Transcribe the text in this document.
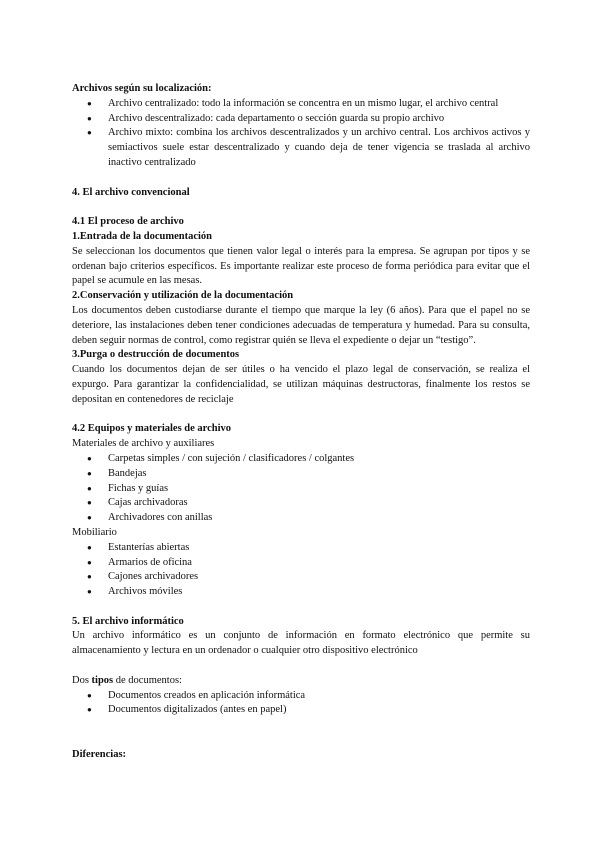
Archivos según su localización:

● Archivo centralizado: todo la información se concentra en un mismo lugar, el archivo central
● Archivo descentralizado: cada departamento o sección guarda su propio archivo
● Archivo mixto: combina los archivos descentralizados y un archivo central. Los archivos activos y semiactivos suele estar descentralizado y cuando deja de tener vigencia se traslada al archivo inactivo centralizado

4. El archivo convencional

4.1 El proceso de archivo

1.Entrada de la documentación

Se seleccionan los documentos que tienen valor legal o interés para la empresa. Se agrupan por tipos y se ordenan bajo criterios específicos. Es importante realizar este proceso de forma periódica para evitar que el papel se acumule en las mesas.

2.Conservación y utilización de la documentación

Los documentos deben custodiarse durante el tiempo que marque la ley (6 años). Para que el papel no se deteriore, las instalaciones deben tener condiciones adecuadas de temperatura y humedad. Para su consulta, deben seguir normas de control, como registrar quién se lleva el expediente o dejar un “testigo”.

3.Purga o destrucción de documentos

Cuando los documentos dejan de ser útiles o ha vencido el plazo legal de conservación, se realiza el expurgo. Para garantizar la confidencialidad, se utilizan máquinas destructoras, finalmente los restos se depositan en contenedores de reciclaje

4.2 Equipos y materiales de archivo

Materiales de archivo y auxiliares

● Carpetas simples / con sujeción / clasificadores / colgantes
● Bandejas
● Fichas y guías
● Cajas archivadoras
● Archivadores con anillas

Mobiliario

● Estanterías abiertas
● Armarios de oficina
● Cajones archivadores
● Archivos móviles

5. El archivo informático

Un archivo informático es un conjunto de información en formato electrónico que permite su almacenamiento y lectura en un ordenador o cualquier otro dispositivo electrónico

Dos tipos de documentos:

● Documentos creados en aplicación informática
● Documentos digitalizados (antes en papel)

Diferencias:
